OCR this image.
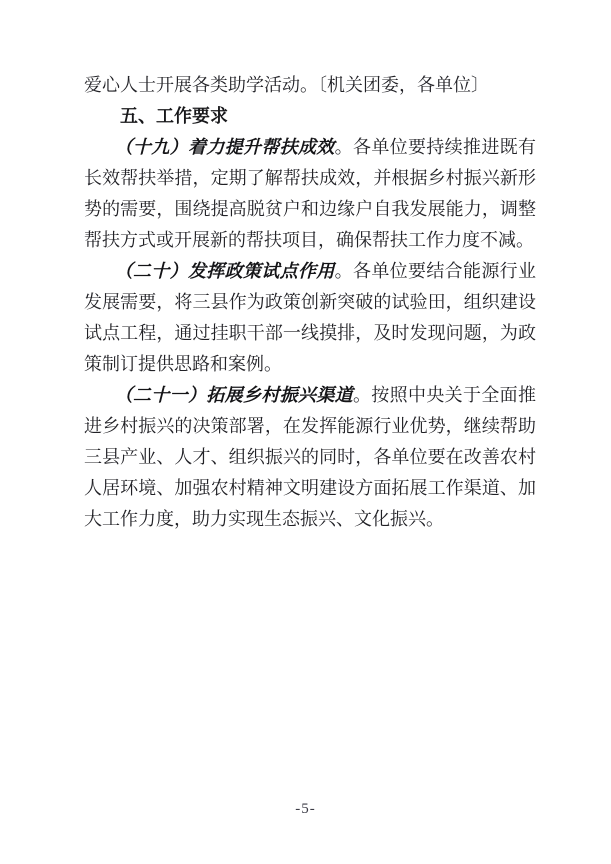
爱心人士开展各类助学活动。〔机关团委，各单位〕

五、工作要求

（十九）着力提升帮扶成效。各单位要持续推进既有长效帮扶举措，定期了解帮扶成效，并根据乡村振兴新形势的需要，围绕提高脱贫户和边缘户自我发展能力，调整帮扶方式或开展新的帮扶项目，确保帮扶工作力度不减。

（二十）发挥政策试点作用。各单位要结合能源行业发展需要，将三县作为政策创新突破的试验田，组织建设试点工程，通过挂职干部一线摸排，及时发现问题，为政策制订提供思路和案例。

（二十一）拓展乡村振兴渠道。按照中央关于全面推进乡村振兴的决策部署，在发挥能源行业优势，继续帮助三县产业、人才、组织振兴的同时，各单位要在改善农村人居环境、加强农村精神文明建设方面拓展工作渠道、加大工作力度，助力实现生态振兴、文化振兴。

-5-
